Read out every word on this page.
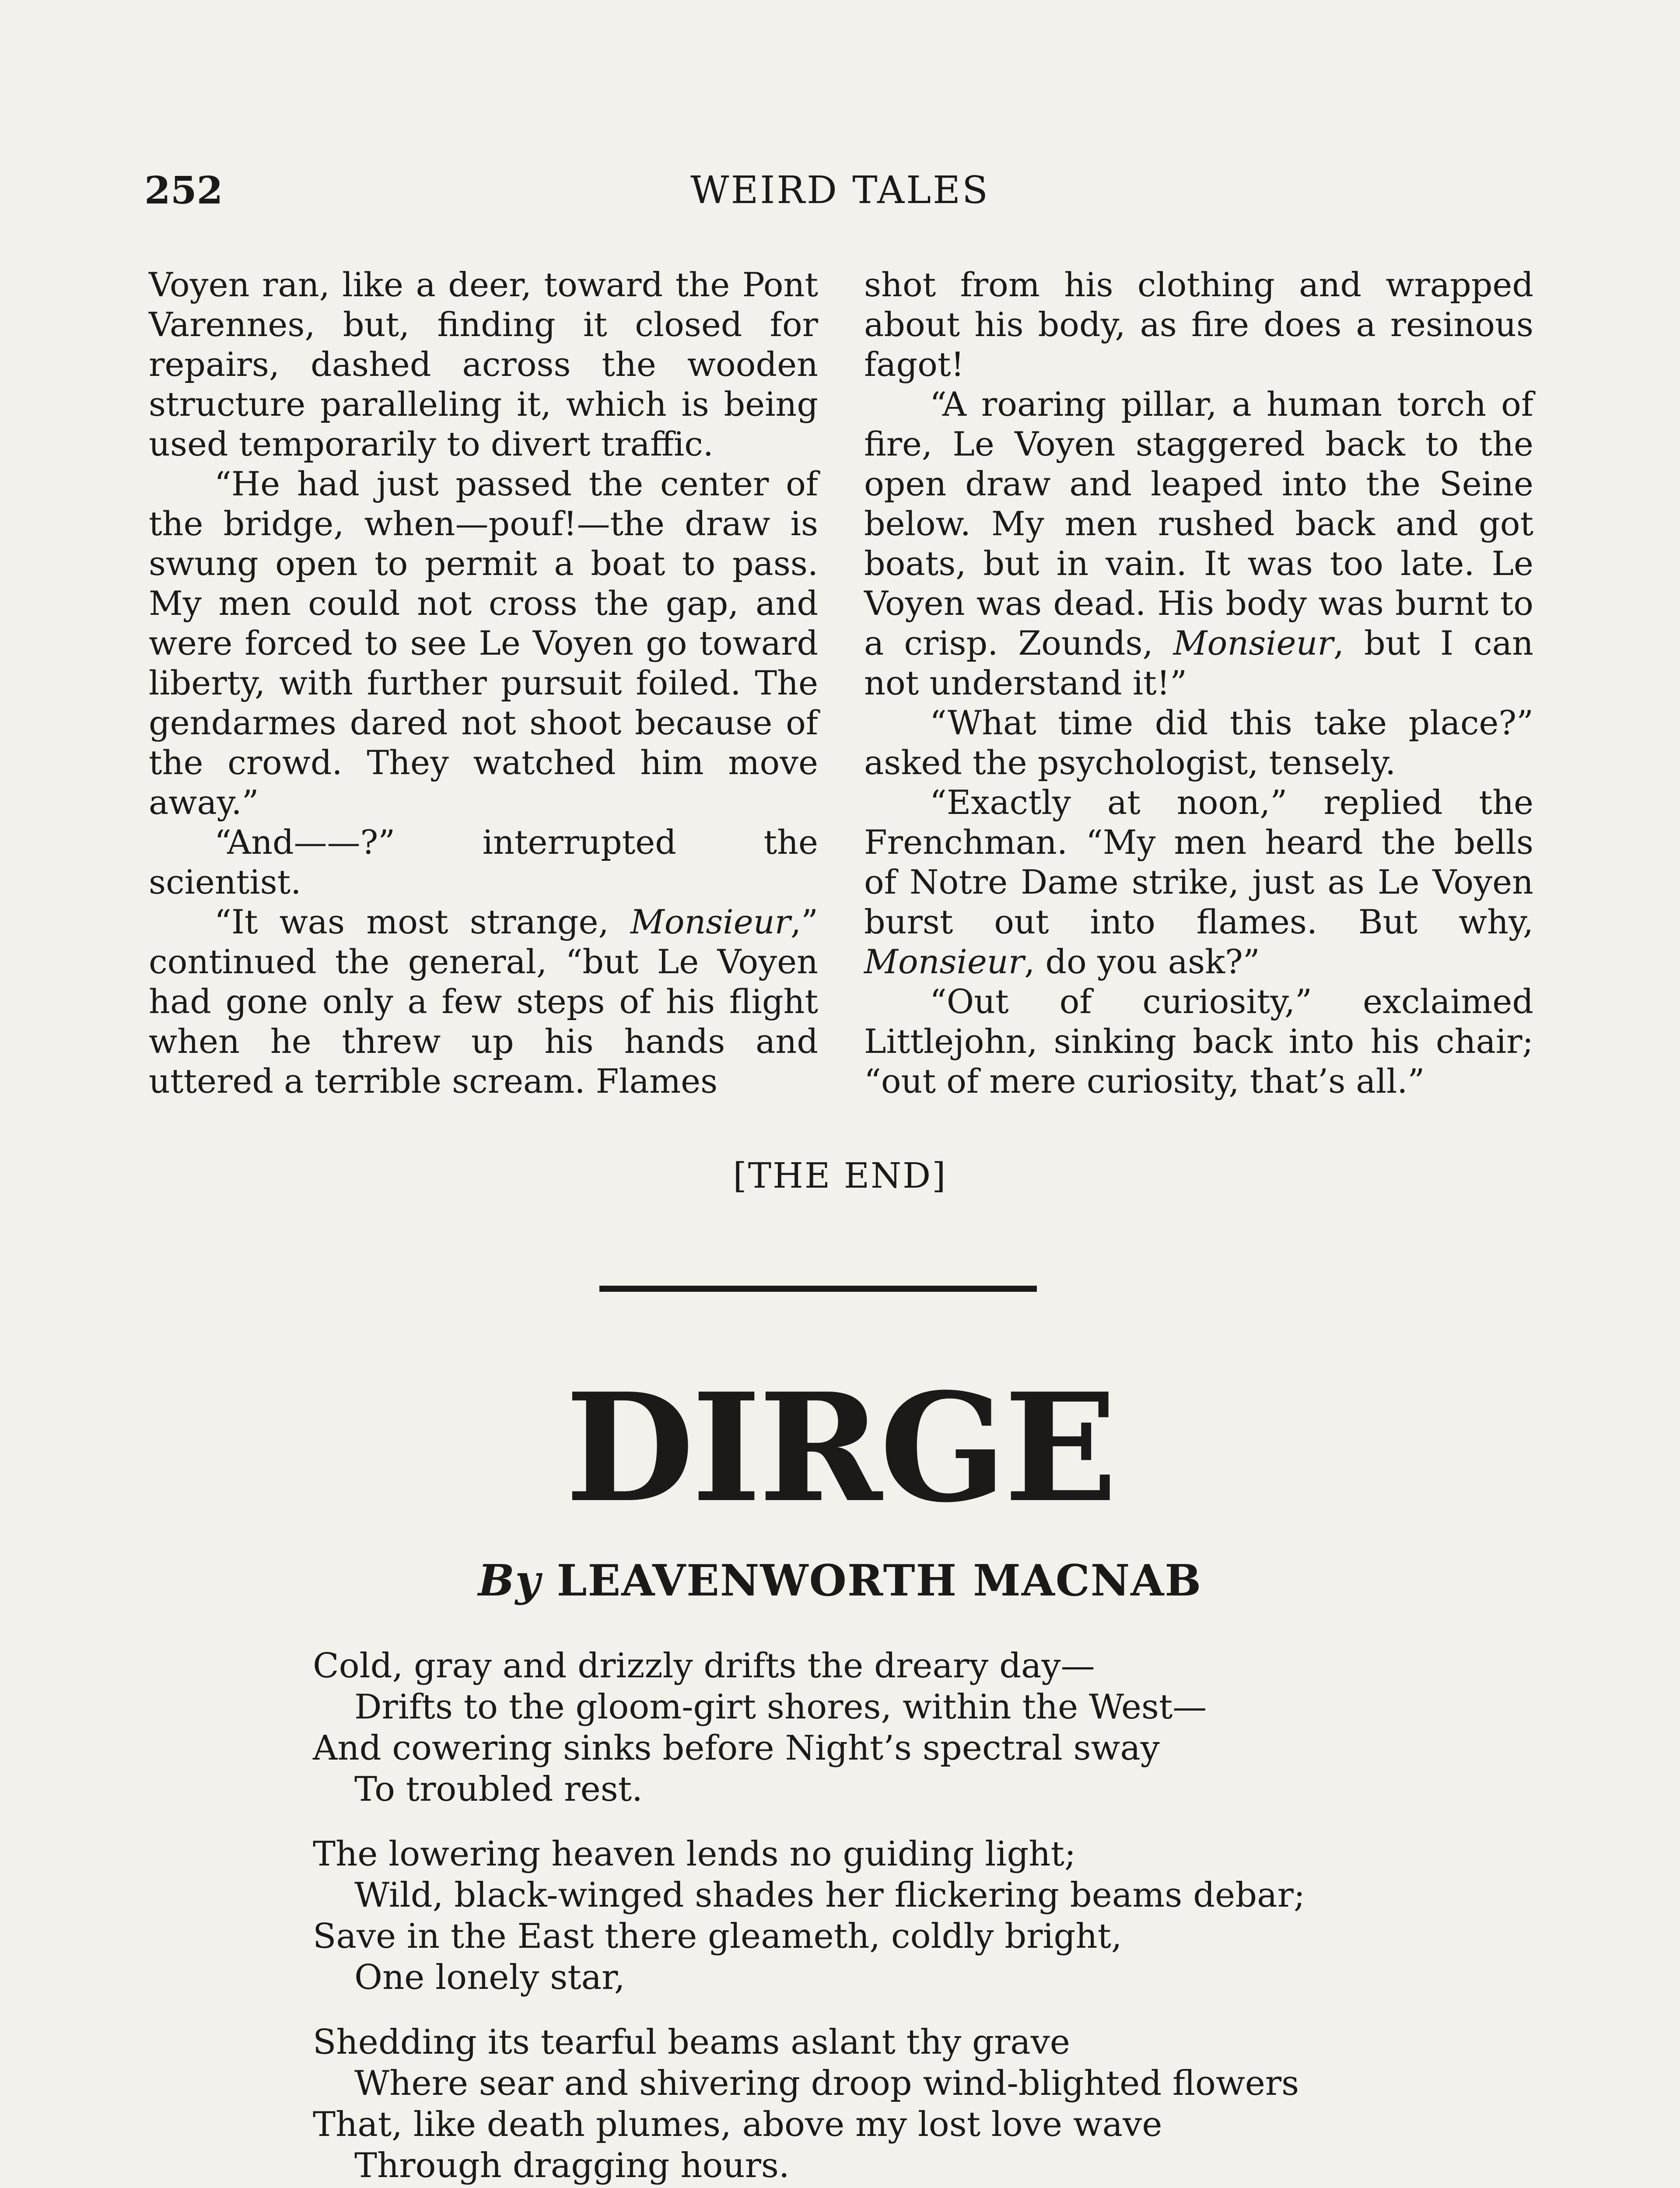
252	WEIRD TALES

Voyen ran, like a deer, toward the Pont Varennes, but, finding it closed for repairs, dashed across the wooden structure paralleling it, which is being used temporarily to divert traffic.

“He had just passed the center of the bridge, when—pouf!—the draw is swung open to permit a boat to pass. My men could not cross the gap, and were forced to see Le Voyen go toward liberty, with further pursuit foiled. The gendarmes dared not shoot because of the crowd. They watched him move away.”

“And——?” interrupted the scientist.

“It was most strange, Monsieur,” continued the general, “but Le Voyen had gone only a few steps of his flight when he threw up his hands and uttered a terrible scream. Flames

shot from his clothing and wrapped about his body, as fire does a resinous fagot!

“A roaring pillar, a human torch of fire, Le Voyen staggered back to the open draw and leaped into the Seine below. My men rushed back and got boats, but in vain. It was too late. Le Voyen was dead. His body was burnt to a crisp. Zounds, Monsieur, but I can not understand it!”

“What time did this take place?” asked the psychologist, tensely.

“Exactly at noon,” replied the Frenchman. “My men heard the bells of Notre Dame strike, just as Le Voyen burst out into flames. But why, Monsieur, do you ask?”

“Out of curiosity,” exclaimed Littlejohn, sinking back into his chair; “out of mere curiosity, that’s all.”

[THE END]
DIRGE
By LEAVENWORTH MACNAB
Cold, gray and drizzly drifts the dreary day—
Drifts to the gloom-girt shores, within the West—
And cowering sinks before Night’s spectral sway
To troubled rest.
The lowering heaven lends no guiding light;
Wild, black-winged shades her flickering beams debar;
Save in the East there gleameth, coldly bright,
One lonely star,
Shedding its tearful beams aslant thy grave
Where sear and shivering droop wind-blighted flowers
That, like death plumes, above my lost love wave
Through dragging hours.
